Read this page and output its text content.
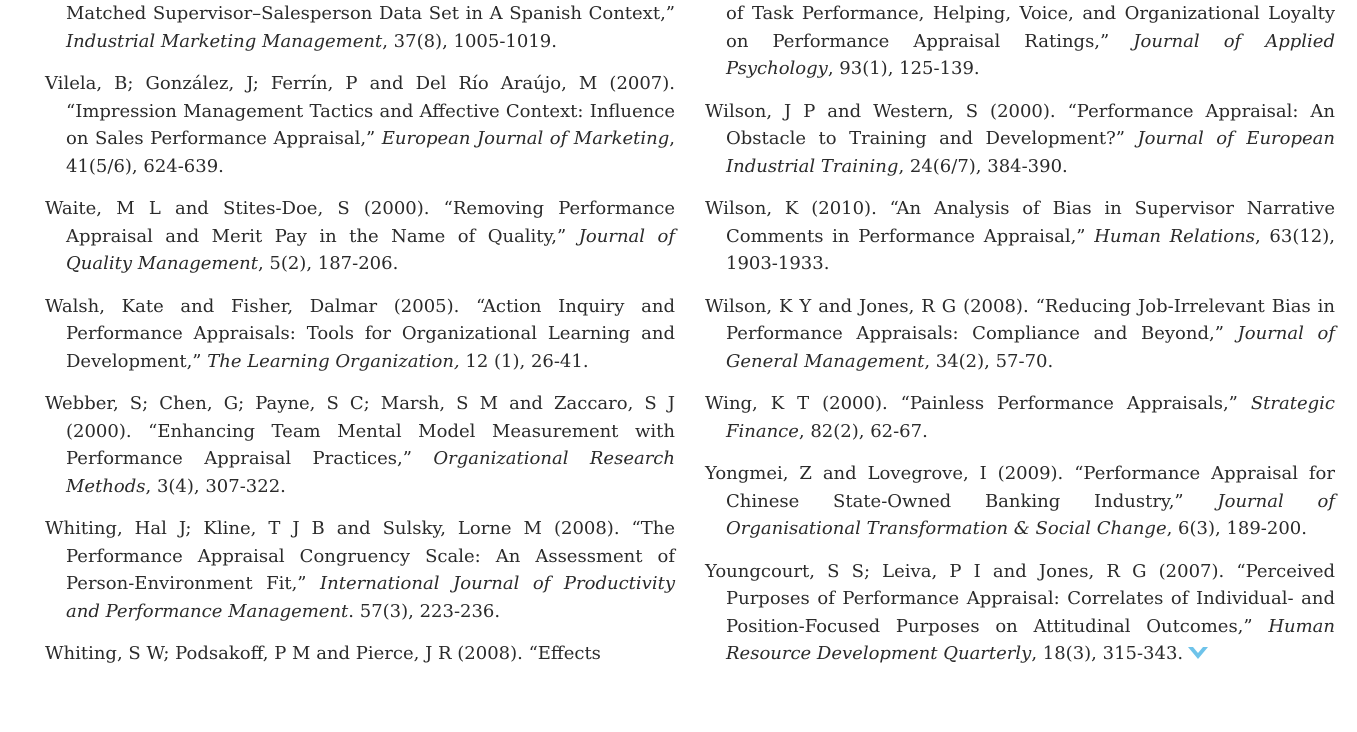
Matched Supervisor–Salesperson Data Set in A Spanish Context,” Industrial Marketing Management, 37(8), 1005-1019.

Vilela, B; González, J; Ferrín, P and Del Río Araújo, M (2007). “Impression Management Tactics and Affective Context: Influence on Sales Performance Appraisal,” European Journal of Marketing, 41(5/6), 624-639.

Waite, M L and Stites-Doe, S (2000). “Removing Performance Appraisal and Merit Pay in the Name of Quality,” Journal of Quality Management, 5(2), 187-206.

Walsh, Kate and Fisher, Dalmar (2005). “Action Inquiry and Performance Appraisals: Tools for Organizational Learning and Development,” The Learning Organization, 12 (1), 26-41.

Webber, S; Chen, G; Payne, S C; Marsh, S M and Zaccaro, S J (2000). “Enhancing Team Mental Model Measurement with Performance Appraisal Practices,” Organizational Research Methods, 3(4), 307-322.

Whiting, Hal J; Kline, T J B and Sulsky, Lorne M (2008). “The Performance Appraisal Congruency Scale: An Assessment of Person-Environment Fit,” International Journal of Productivity and Performance Management. 57(3), 223-236.

Whiting, S W; Podsakoff, P M and Pierce, J R (2008). “Effects

of Task Performance, Helping, Voice, and Organizational Loyalty on Performance Appraisal Ratings,” Journal of Applied Psychology, 93(1), 125-139.

Wilson, J P and Western, S (2000). “Performance Appraisal: An Obstacle to Training and Development?” Journal of European Industrial Training, 24(6/7), 384-390.

Wilson, K (2010). “An Analysis of Bias in Supervisor Narrative Comments in Performance Appraisal,” Human Relations, 63(12), 1903-1933.

Wilson, K Y and Jones, R G (2008). “Reducing Job-Irrelevant Bias in Performance Appraisals: Compliance and Beyond,” Journal of General Management, 34(2), 57-70.

Wing, K T (2000). “Painless Performance Appraisals,” Strategic Finance, 82(2), 62-67.

Yongmei, Z and Lovegrove, I (2009). “Performance Appraisal for Chinese State-Owned Banking Industry,” Journal of Organisational Transformation & Social Change, 6(3), 189-200.

Youngcourt, S S; Leiva, P I and Jones, R G (2007). “Perceived Purposes of Performance Appraisal: Correlates of Individual- and Position-Focused Purposes on Attitudinal Outcomes,” Human Resource Development Quarterly, 18(3), 315-343.
